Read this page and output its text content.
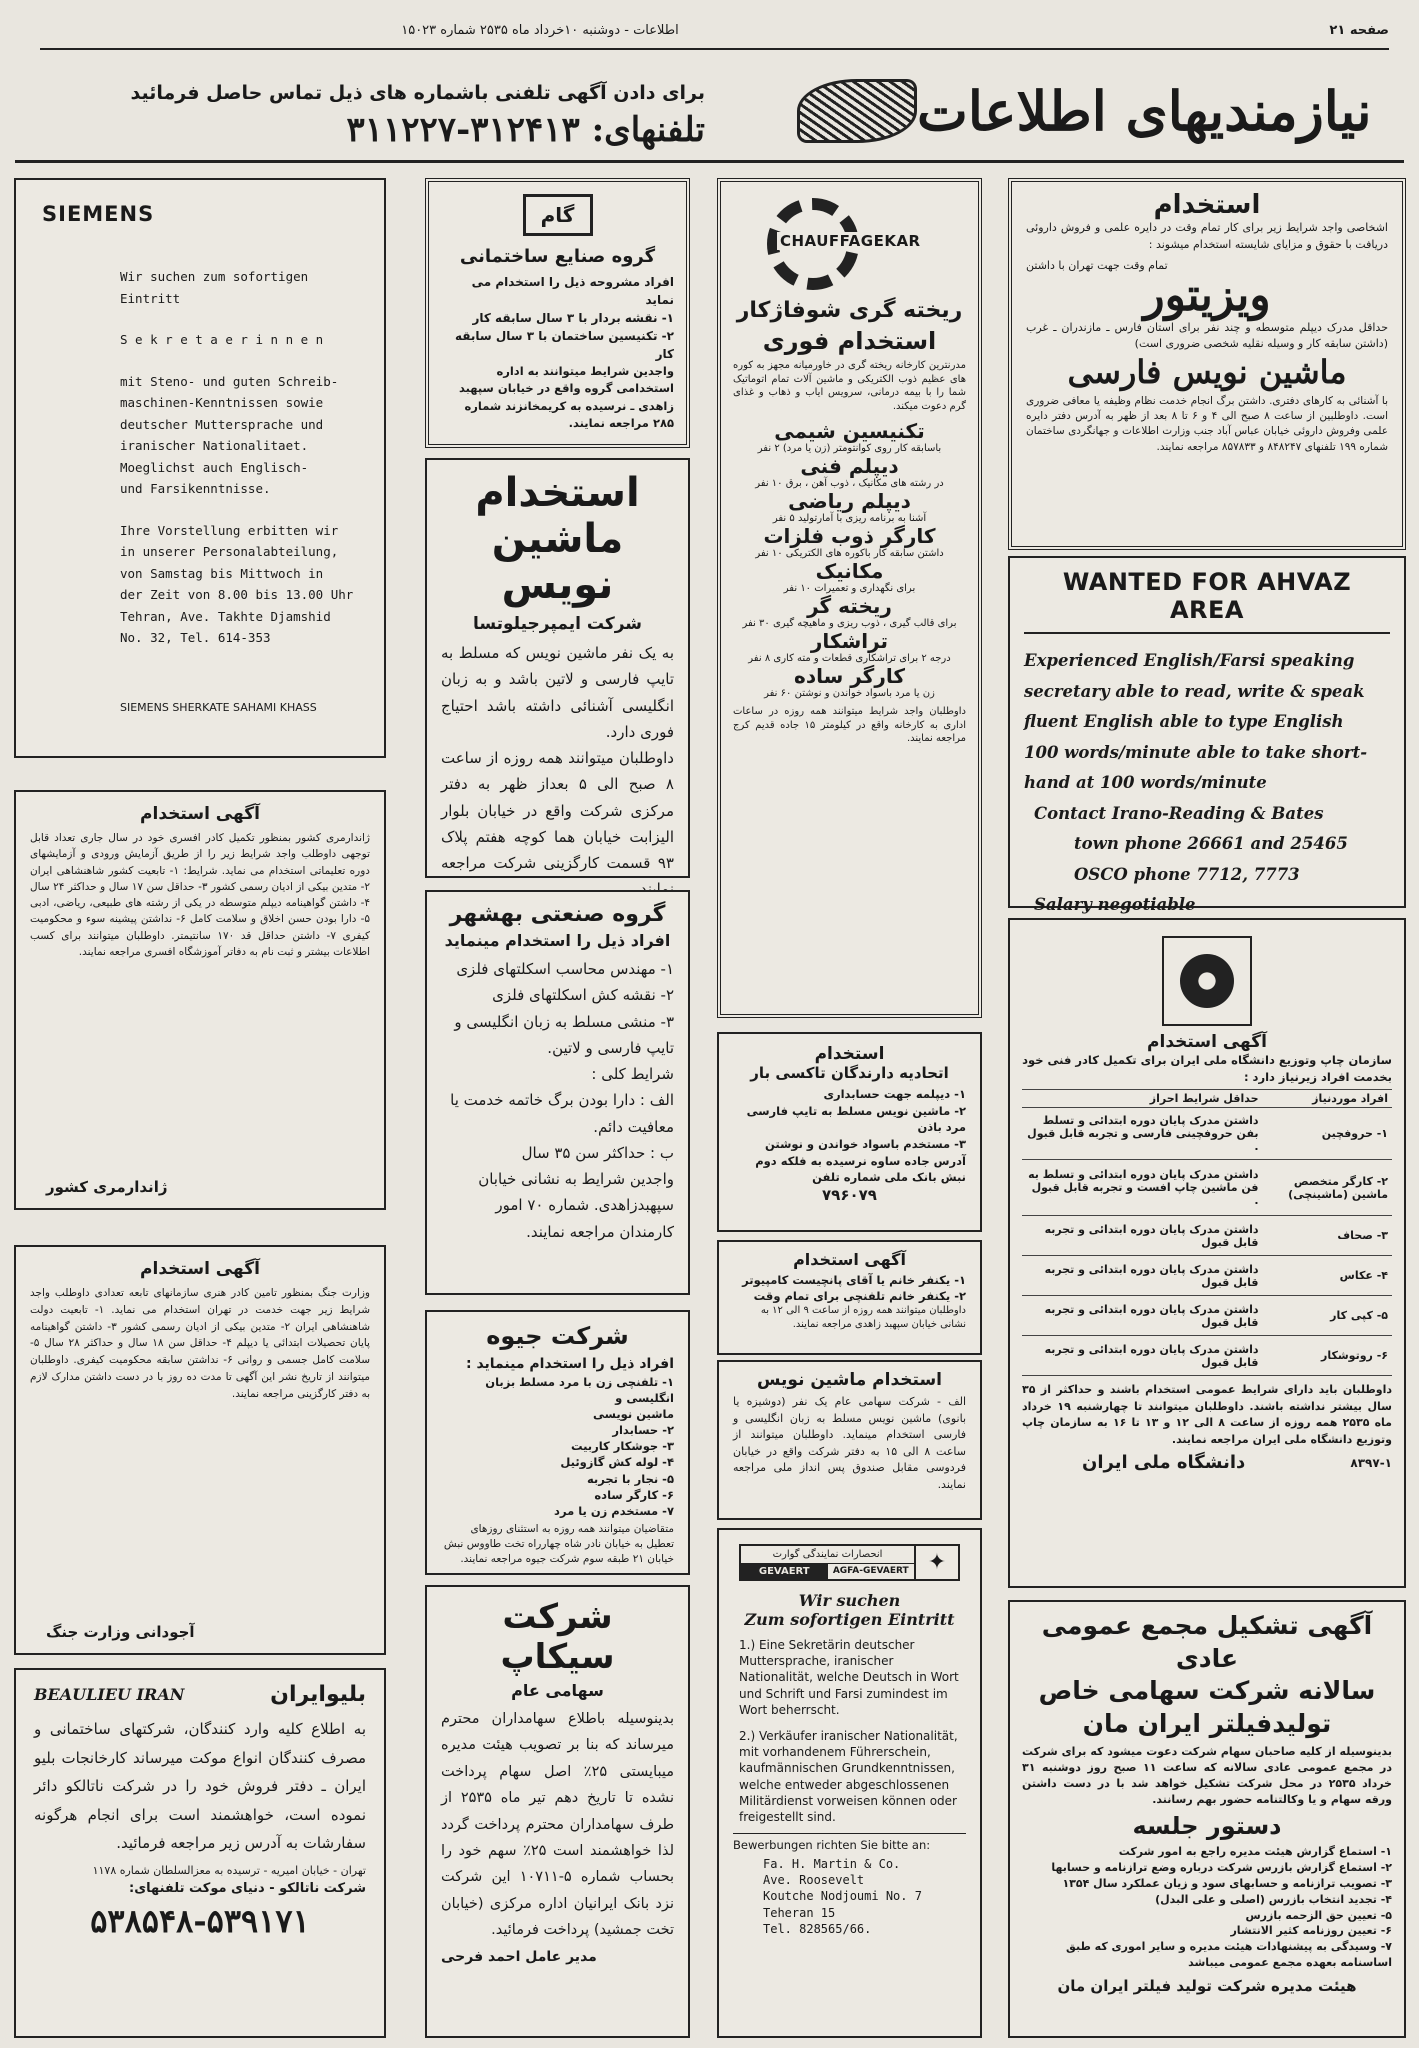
صفحه ۲۱
اطلاعات - دوشنبه ۱۰خرداد ماه ۲۵۳۵ شماره ۱۵۰۲۳
نیازمندیهای اطلاعات
برای دادن آگهی تلفنی باشماره های ذیل تماس حاصل فرمائید
تلفنهای: ۳۱۲۴۱۳-۳۱۱۲۲۷
SIEMENS
Wir suchen zum sofortigen
Eintritt
S e k r e t a e r i n n e n
mit Steno- und guten Schreib-
maschinen-Kenntnissen sowie
deutscher Muttersprache und
iranischer Nationalitaet.
Moeglichst auch Englisch-
und Farsikenntnisse.
Ihre Vorstellung erbitten wir
in unserer Personalabteilung,
von Samstag bis Mittwoch in
der Zeit von 8.00 bis 13.00 Uhr
Tehran, Ave. Takhte Djamshid
No. 32, Tel. 614-353
SIEMENS SHERKATE SAHAMI KHASS
آگهی استخدام
ژاندارمری کشور بمنظور تکمیل کادر افسری خود در سال جاری تعداد قابل توجهی داوطلب واجد شرایط زیر را از طریق آزمایش ورودی و آزمایشهای دوره تعلیماتی استخدام می نماید. شرایط: ۱- تابعیت کشور شاهنشاهی ایران ۲- متدین بیکی از ادیان رسمی کشور ۳- حداقل سن ۱۷ سال و حداکثر ۲۴ سال ۴- داشتن گواهینامه دیپلم متوسطه در یکی از رشته های طبیعی، ریاضی، ادبی ۵- دارا بودن حسن اخلاق و سلامت کامل ۶- نداشتن پیشینه سوء و محکومیت کیفری ۷- داشتن حداقل قد ۱۷۰ سانتیمتر. داوطلبان میتوانند برای کسب اطلاعات بیشتر و ثبت نام به دفاتر آموزشگاه افسری مراجعه نمایند.
ژاندارمری کشور
آگهی استخدام
وزارت جنگ بمنظور تامین کادر هنری سازمانهای تابعه تعدادی داوطلب واجد شرایط زیر جهت خدمت در تهران استخدام می نماید. ۱- تابعیت دولت شاهنشاهی ایران ۲- متدین بیکی از ادیان رسمی کشور ۳- داشتن گواهینامه پایان تحصیلات ابتدائی یا دیپلم ۴- حداقل سن ۱۸ سال و حداکثر ۲۸ سال ۵- سلامت کامل جسمی و روانی ۶- نداشتن سابقه محکومیت کیفری. داوطلبان میتوانند از تاریخ نشر این آگهی تا مدت ده روز با در دست داشتن مدارک لازم به دفتر کارگزینی مراجعه نمایند.
آجودانی وزارت جنگ
بلیوایران
BEAULIEU IRAN
به اطلاع کلیه وارد کنندگان، شرکتهای ساختمانی و مصرف کنندگان انواع موکت میرساند کارخانجات بلیو ایران ـ دفتر فروش خود را در شرکت ناتالکو دائر نموده است، خواهشمند است برای انجام هرگونه سفارشات به آدرس زیر مراجعه فرمائید.
تهران - خیابان امیریه - ترسیده به معزالسلطان شماره ۱۱۷۸
شرکت ناتالکو - دنیای موکت تلفنهای:
۵۳۸۵۴۸-۵۳۹۱۷۱
گام
گروه صنایع ساختمانی
افراد مشروحه ذیل را استخدام می نماید
۱- نقشه بردار با ۳ سال سابقه کار
۲- تکنیسین ساختمان با ۳ سال سابقه کار
واجدین شرایط میتوانند به اداره استخدامی گروه واقع در خیابان سپهبد زاهدی ـ نرسیده به کریمخانزند شماره ۲۸۵ مراجعه نمایند.
استخدام
ماشین نویس
شرکت ایمپرجیلوتسا
به یک نفر ماشین نویس که مسلط به تایپ فارسی و لاتین باشد و به زبان انگلیسی آشنائی داشته باشد احتیاج فوری دارد.
داوطلبان میتوانند همه روزه از ساعت ۸ صبح الی ۵ بعداز ظهر به دفتر مرکزی شرکت واقع در خیابان بلوار الیزابت خیابان هما کوچه هفتم پلاک ۹۳ قسمت کارگزینی شرکت مراجعه
گروه صنعتی بهشهر
افراد ذیل را استخدام مینماید
۱- مهندس محاسب اسکلتهای فلزی
۲- نقشه کش اسکلتهای فلزی
۳- منشی مسلط به زبان انگلیسی و تایپ فارسی و لاتین.
شرایط کلی :
الف : دارا بودن برگ خاتمه خدمت یا معافیت دائم.
ب : حداکثر سن ۳۵ سال
واجدین شرایط به نشانی خیابان سپهبدزاهدی. شماره ۷۰ امور کارمندان مراجعه نمایند.
شرکت جیوه
افراد ذیل را استخدام مینماید :
۱- تلفنچی زن با مرد مسلط بزبان انگلیسی و
ماشین نویسی
۲- حسابدار
۳- جوشکار کاربیت
۴- لوله کش گازوئیل
۵- نجار با تجربه
۶- کارگر ساده
۷- مستخدم زن یا مرد
متقاضیان میتوانند همه روزه به استثنای روزهای تعطیل به خیابان نادر شاه چهارراه تخت طاووس نبش خیابان ۲۱ طبقه سوم شرکت جیوه مراجعه نمایند.
شرکت سیکاپ
سهامی عام
بدینوسیله باطلاع سهامداران محترم میرساند که بنا بر تصویب هیئت مدیره میبایستی ۲۵٪ اصل سهام پرداخت نشده تا تاریخ دهم تیر ماه ۲۵۳۵ از طرف سهامداران محترم پرداخت گردد لذا خواهشمند است ۲۵٪ سهم خود را بحساب شماره ۵-۱۰۷۱۱ این شرکت نزد بانک ایرانیان اداره مرکزی (خیابان تخت جمشید) پرداخت فرمائید.
مدیر عامل احمد فرحی
CHAUFFAGEKAR
ریخته گری شوفاژکار
استخدام فوری
مدرنترین کارخانه ریخته گری در خاورمیانه مجهز به کوره های عظیم ذوب الکتریکی و ماشین آلات تمام اتوماتیک شما را با بیمه درمانی، سرویس ایاب و ذهاب و غذای گرم دعوت میکند.
تکنیسین شیمی
باسابقه کار روی کوانتومتر (زن یا مرد) ۲ نفر
دیپلم فنی
در رشته های مکانیک ، ذوب آهن ، برق ۱۰ نفر
دیپلم ریاضی
آشنا به برنامه ریزی با آمارتولید ۵ نفر
کارگر ذوب فلزات
داشتن سابقه کار باکوره های الکتریکی ۱۰ نفر
مکانیک
برای نگهداری و تعمیرات ۱۰ نفر
ریخته گر
برای قالب گیری ، ذوب ریزی و ماهیچه گیری ۳۰ نفر
تراشکار
درجه ۲ برای تراشکاری قطعات و مته کاری ۸ نفر
کارگر ساده
زن یا مرد باسواد خواندن و نوشتن ۶۰ نفر
داوطلبان واجد شرایط میتوانند همه روزه در ساعات اداری به کارخانه واقع در کیلومتر ۱۵ جاده قدیم کرج مراجعه نمایند.
استخدام
اتحادیه دارندگان تاکسی بار
۱- دیپلمه جهت حسابداری
۲- ماشین نویس مسلط به تایپ فارسی
مرد باذن
۳- مستخدم باسواد خواندن و نوشتن
آدرس جاده ساوه نرسیده به فلکه دوم نبش بانک ملی شماره تلفن
۷۹۶۰۷۹
آگهی استخدام
۱- یکنفر خانم یا آقای پانچیست کامپیوتر
۲- یکنفر خانم تلفنچی برای تمام وقت
داوطلبان میتوانند همه روزه از ساعت ۹ الی ۱۲ به نشانی خیابان سپهبد زاهدی مراجعه نمایند.
استخدام ماشین نویس
الف - شرکت سهامی عام یک نفر (دوشیزه یا بانوی) ماشین نویس مسلط به زبان انگلیسی و فارسی استخدام مینماید. داوطلبان میتوانند از ساعت ۸ الی ۱۵ به دفتر شرکت واقع در خیابان فردوسی مقابل صندوق پس انداز ملی مراجعه نمایند.
انحصارات نمایندگی گوارت
GEVAERT	AGFA-GEVAERT ✦
Wir suchen
Zum sofortigen Eintritt
1.) Eine Sekretärin deutscher Muttersprache, iranischer Nationalität, welche Deutsch in Wort und Schrift und Farsi zumindest im Wort beherrscht.
2.) Verkäufer iranischer Nationalität, mit vorhandenem Führerschein, kaufmännischen Grundkenntnissen, welche entweder abgeschlossenen Militärdienst vorweisen können oder freigestellt sind.
Bewerbungen richten Sie bitte an:
Fa. H. Martin & Co.
Ave. Roosevelt
Koutche Nodjoumi No. 7
Teheran 15
Tel. 828565/66.
استخدام
اشخاصی واجد شرایط زیر برای کار تمام وقت در دایره علمی و فروش داروئی دریافت با حقوق و مزایای شایسته استخدام میشوند :
تمام وقت جهت تهران با داشتن
ویزیتور
حداقل مدرک دیپلم متوسطه و چند نفر برای استان فارس ـ مازندران ـ غرب (داشتن سابقه کار و وسیله نقلیه شخصی ضروری است)
ماشین نویس فارسی
با آشنائی به کارهای دفتری. داشتن برگ انجام خدمت نظام وظیفه یا معافی ضروری است. داوطلبین از ساعت ۸ صبح الی ۴ و ۶ تا ۸ بعد از ظهر به آدرس دفتر دایره علمی وفروش داروئی خیابان عباس آباد جنب وزارت اطلاعات و جهانگردی ساختمان شماره ۱۹۹ تلفنهای ۸۴۸۲۴۷ و ۸۵۷۸۳۳ مراجعه نمایند.
WANTED FOR AHVAZ AREA
Experienced English/Farsi speaking
secretary able to read, write & speak
fluent English able to type English
100 words/minute able to take short-
hand at 100 words/minute
Contact Irano-Reading & Bates
town phone 26661 and 25465
OSCO phone 7712, 7773
Salary negotiable
آگهی استخدام
سازمان چاپ وتوزیع دانشگاه ملی ایران برای تکمیل کادر فنی خود بخدمت افراد زیرنیاز دارد :
افراد موردنیاز
حداقل شرایط احراز
۱- حروفچین
داشتن مدرک پایان دوره ابتدائی و تسلط بفن حروفچینی فارسی و تجربه قابل قبول .
۲- کارگر متخصص ماشین (ماشینچی)
داشتن مدرک پایان دوره ابتدائی و تسلط به فن ماشین چاپ افست و تجربه قابل قبول .
۳- صحاف
داشتن مدرک پایان دوره ابتدائی و تجربه قابل قبول
۴- عکاس
داشتن مدرک پایان دوره ابتدائی و تجربه قابل قبول
۵- کپی کار
داشتن مدرک پایان دوره ابتدائی و تجربه قابل قبول
۶- روتوشکار
داشتن مدرک پایان دوره ابتدائی و تجربه قابل قبول
داوطلبان باید دارای شرایط عمومی استخدام باشند و حداکثر از ۳۵ سال بیشتر نداشته باشند. داوطلبان میتوانند تا چهارشنبه ۱۹ خرداد ماه ۲۵۳۵ همه روزه از ساعت ۸ الی ۱۲ و ۱۳ تا ۱۶ به سازمان چاپ وتوزیع دانشگاه ملی ایران مراجعه نمایند.
۸۳۹۷-۱
دانشگاه ملی ایران
آگهی تشکیل مجمع عمومی عادی
سالانه شرکت سهامی خاص
تولیدفیلتر ایران مان
بدینوسیله از کلیه صاحبان سهام شرکت دعوت میشود که برای شرکت در مجمع عمومی عادی سالانه که ساعت ۱۱ صبح روز دوشنبه ۳۱ خرداد ۲۵۳۵ در محل شرکت تشکیل خواهد شد با در دست داشتن ورقه سهام و یا وکالتنامه حضور بهم رسانند.
دستور جلسه
۱- استماع گزارش هیئت مدیره راجع به امور شرکت
۲- استماع گزارش بازرس شرکت درباره وضع ترازنامه و حسابها
۳- تصویب ترازنامه و حسابهای سود و زیان عملکرد سال ۱۳۵۴
۴- تجدید انتخاب بازرس (اصلی و علی البدل)
۵- تعیین حق الزحمه بازرس
۶- تعیین روزنامه کثیر الانتشار
۷- وسیدگی به پیشنهادات هیئت مدیره و سایر اموری که طبق اساسنامه بعهده مجمع عمومی میباشد
هیئت مدیره شرکت تولید فیلتر ایران مان
